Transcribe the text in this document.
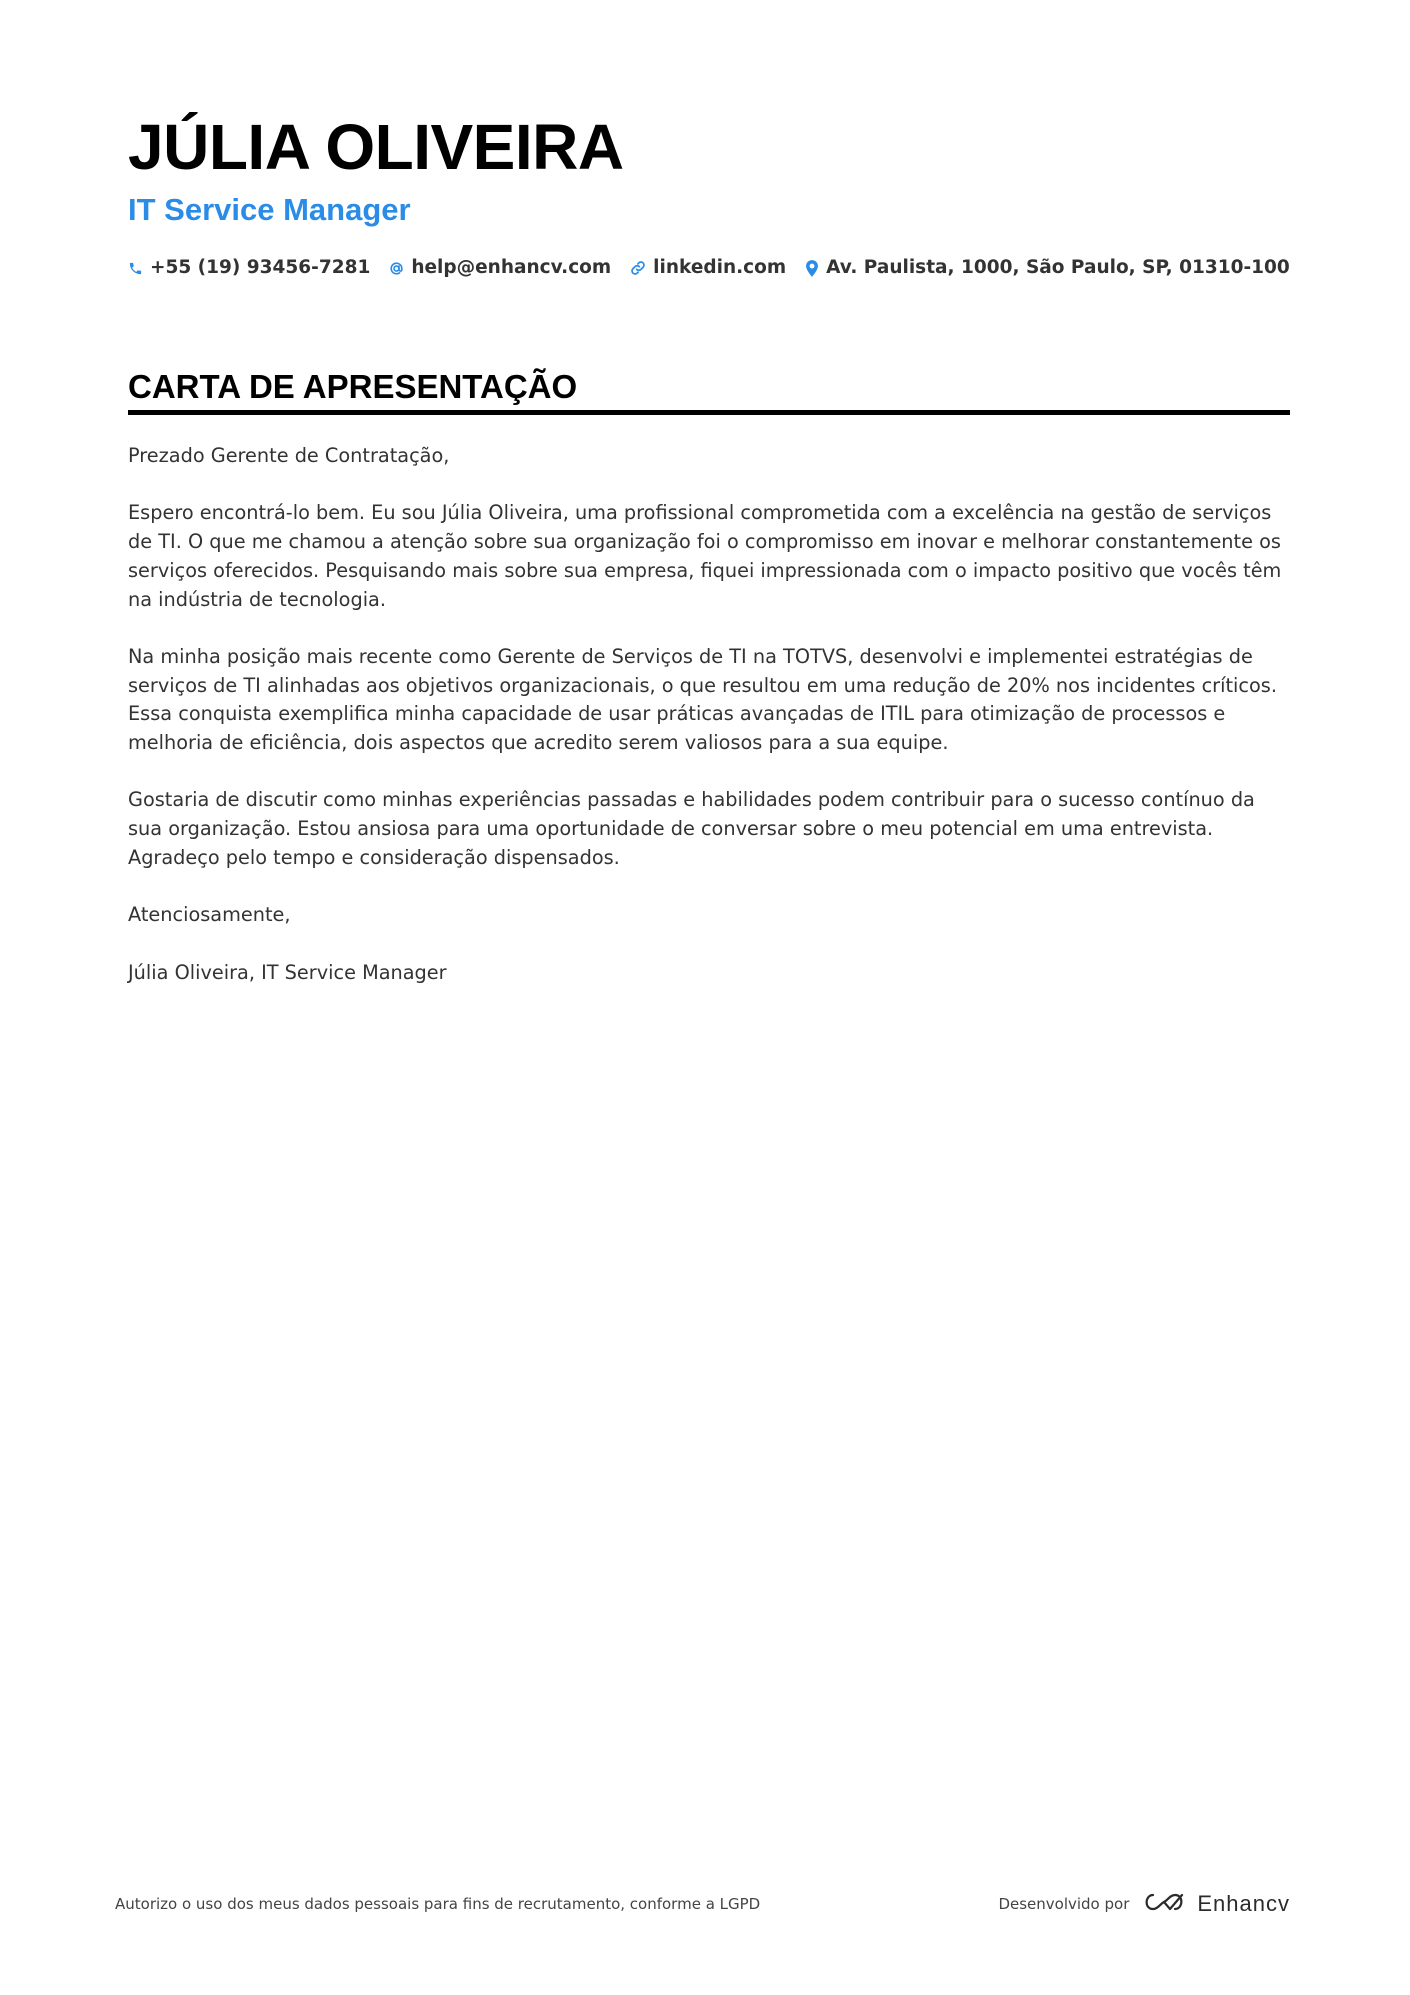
JÚLIA OLIVEIRA
IT Service Manager
+55 (19) 93456-7281 help@enhancv.com linkedin.com Av. Paulista, 1000, São Paulo, SP, 01310-100
CARTA DE APRESENTAÇÃO

Prezado Gerente de Contratação,

Espero encontrá-lo bem. Eu sou Júlia Oliveira, uma profissional comprometida com a excelência na gestão de serviços de TI. O que me chamou a atenção sobre sua organização foi o compromisso em inovar e melhorar constantemente os serviços oferecidos. Pesquisando mais sobre sua empresa, fiquei impressionada com o impacto positivo que vocês têm na indústria de tecnologia.

Na minha posição mais recente como Gerente de Serviços de TI na TOTVS, desenvolvi e implementei estratégias de serviços de TI alinhadas aos objetivos organizacionais, o que resultou em uma redução de 20% nos incidentes críticos. Essa conquista exemplifica minha capacidade de usar práticas avançadas de ITIL para otimização de processos e melhoria de eficiência, dois aspectos que acredito serem valiosos para a sua equipe.

Gostaria de discutir como minhas experiências passadas e habilidades podem contribuir para o sucesso contínuo da sua organização. Estou ansiosa para uma oportunidade de conversar sobre o meu potencial em uma entrevista. Agradeço pelo tempo e consideração dispensados.

Atenciosamente,

Júlia Oliveira, IT Service Manager

Autorizo o uso dos meus dados pessoais para fins de recrutamento, conforme a LGPD	Desenvolvido por	Enhancv
